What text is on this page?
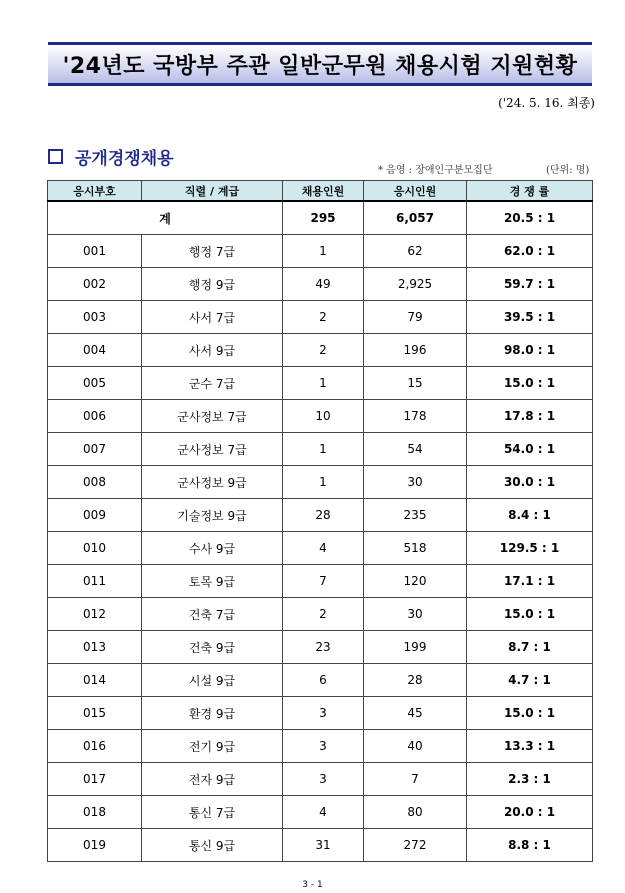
'24년도 국방부 주관 일반군무원 채용시험 지원현황
('24. 5. 16. 최종)
공개경쟁채용
* 음영 : 장애인구분모집단	(단위: 명)
응시부호	직렬 / 계급	채용인원	응시인원	경 쟁 률
계		295	6,057	20.5 : 1
001	행정 7급	1	62	62.0 : 1
002	행정 9급	49	2,925	59.7 : 1
003	사서 7급	2	79	39.5 : 1
004	사서 9급	2	196	98.0 : 1
005	군수 7급	1	15	15.0 : 1
006	군사정보 7급	10	178	17.8 : 1
007	군사정보 7급	1	54	54.0 : 1
008	군사정보 9급	1	30	30.0 : 1
009	기술정보 9급	28	235	8.4 : 1
010	수사 9급	4	518	129.5 : 1
011	토목 9급	7	120	17.1 : 1
012	건축 7급	2	30	15.0 : 1
013	건축 9급	23	199	8.7 : 1
014	시설 9급	6	28	4.7 : 1
015	환경 9급	3	45	15.0 : 1
016	전기 9급	3	40	13.3 : 1
017	전자 9급	3	7	2.3 : 1
018	통신 7급	4	80	20.0 : 1
019	통신 9급	31	272	8.8 : 1
3 - 1
